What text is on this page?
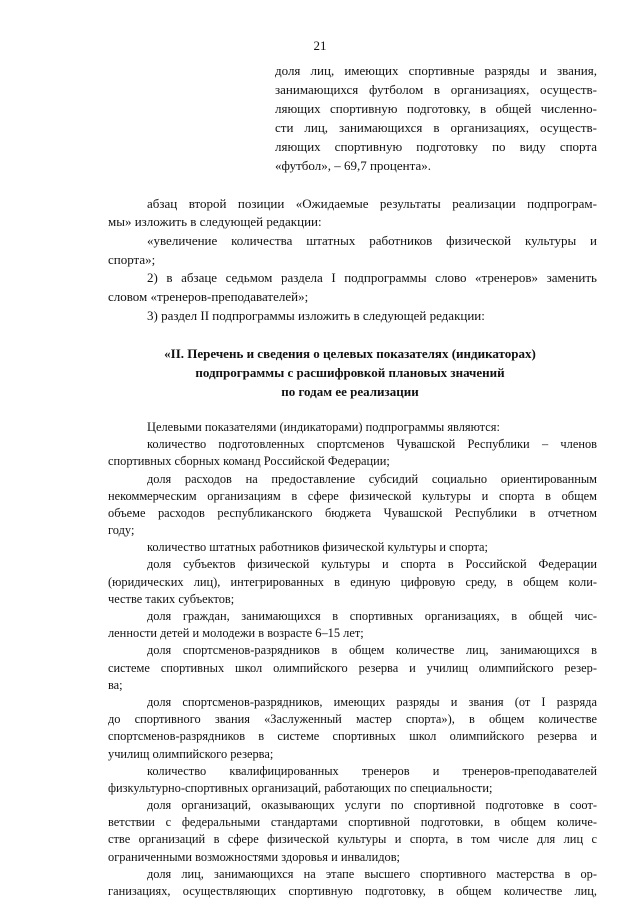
21
доля лиц, имеющих спортивные разряды и звания,
занимающихся футболом в организациях, осуществ-
ляющих спортивную подготовку, в общей численно-
сти лиц, занимающихся в организациях, осуществ-
ляющих спортивную подготовку по виду спорта
«футбол», – 69,7 процента».
абзац второй позиции «Ожидаемые результаты реализации подпрограм-
мы» изложить в следующей редакции:
«увеличение количества штатных работников физической культуры и
спорта»;
2) в абзаце седьмом раздела I подпрограммы слово «тренеров» заменить
словом «тренеров-преподавателей»;
3) раздел II подпрограммы изложить в следующей редакции:
«II. Перечень и сведения о целевых показателях (индикаторах)
подпрограммы с расшифровкой плановых значений
по годам ее реализации
Целевыми показателями (индикаторами) подпрограммы являются:
количество подготовленных спортсменов Чувашской Республики – членов
спортивных сборных команд Российской Федерации;
доля расходов на предоставление субсидий социально ориентированным
некоммерческим организациям в сфере физической культуры и спорта в общем
объеме расходов республиканского бюджета Чувашской Республики в отчетном
году;
количество штатных работников физической культуры и спорта;
доля субъектов физической культуры и спорта в Российской Федерации
(юридических лиц), интегрированных в единую цифровую среду, в общем коли-
честве таких субъектов;
доля граждан, занимающихся в спортивных организациях, в общей чис-
ленности детей и молодежи в возрасте 6–15 лет;
доля спортсменов-разрядников в общем количестве лиц, занимающихся в
системе спортивных школ олимпийского резерва и училищ олимпийского резер-
ва;
доля спортсменов-разрядников, имеющих разряды и звания (от I разряда
до спортивного звания «Заслуженный мастер спорта»), в общем количестве
спортсменов-разрядников в системе спортивных школ олимпийского резерва и
училищ олимпийского резерва;
количество квалифицированных тренеров и тренеров-преподавателей
физкультурно-спортивных организаций, работающих по специальности;
доля организаций, оказывающих услуги по спортивной подготовке в соот-
ветствии с федеральными стандартами спортивной подготовки, в общем количе-
стве организаций в сфере физической культуры и спорта, в том числе для лиц с
ограниченными возможностями здоровья и инвалидов;
доля лиц, занимающихся на этапе высшего спортивного мастерства в ор-
ганизациях, осуществляющих спортивную подготовку, в общем количестве лиц,
